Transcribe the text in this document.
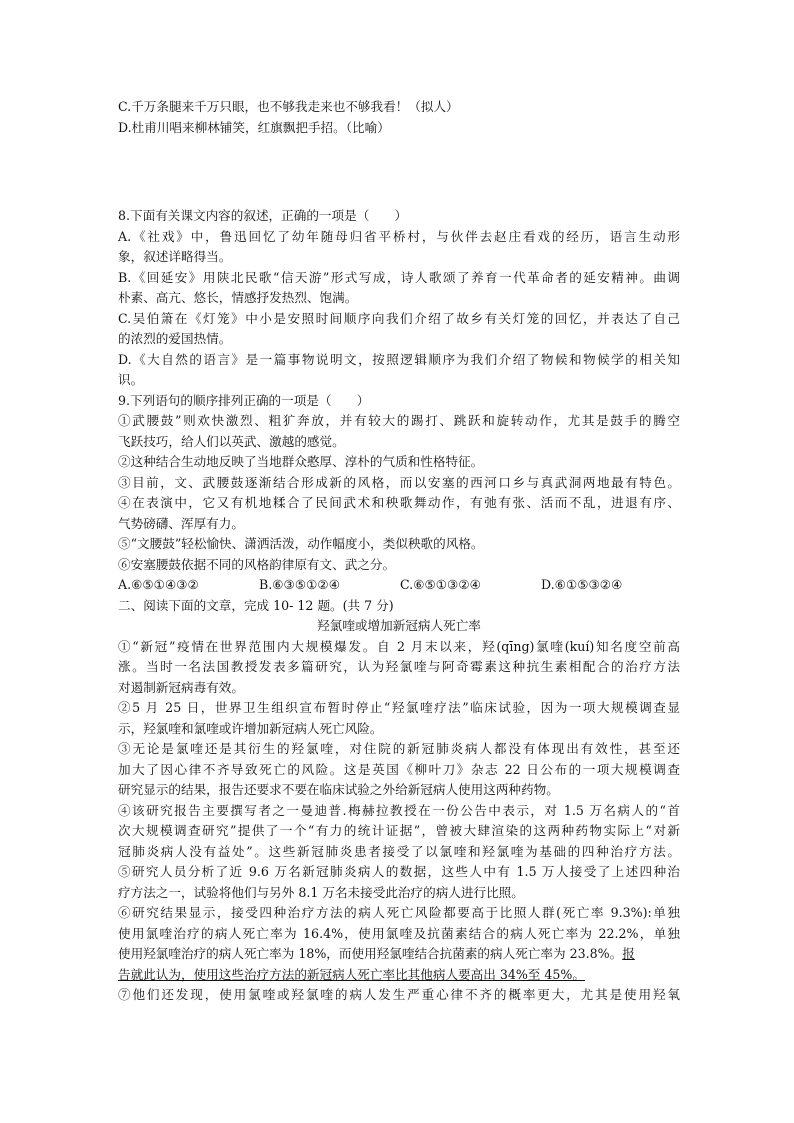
C.千万条腿来千万只眼，也不够我走来也不够我看！（拟人）

D.杜甫川唱来柳林铺笑，红旗飘把手招。（比喻）

8.下面有关课文内容的叙述，正确的一项是（　　）

A.《社戏》中，鲁迅回忆了幼年随母归省平桥村，与伙伴去赵庄看戏的经历，语言生动形

象，叙述详略得当。

B.《回延安》用陕北民歌“信天游”形式写成，诗人歌颂了养育一代革命者的延安精神。曲调

朴素、高亢、悠长，情感抒发热烈、饱满。

C.吴伯箫在《灯笼》中小是安照时间顺序向我们介绍了故乡有关灯笼的回忆，并表达了自己

的浓烈的爱国热情。

D.《大自然的语言》是一篇事物说明文，按照逻辑顺序为我们介绍了物候和物候学的相关知

识。

9.下列语句的顺序排列正确的一项是（　　）

①武腰鼓”则欢快激烈、粗犷奔放，并有较大的踢打、跳跃和旋转动作，尤其是鼓手的腾空

飞跃技巧，给人们以英武、激越的感觉。

②这种结合生动地反映了当地群众憨厚、淳朴的气质和性格特征。

③目前，文、武腰鼓逐渐结合形成新的风格，而以安塞的西河口乡与真武洞两地最有特色。

④在表演中，它又有机地糅合了民间武术和秧歌舞动作，有弛有张、活而不乱，进退有序、

气势磅礴、浑厚有力。

⑤“文腰鼓”轻松愉快、潇洒活泼，动作幅度小，类似秧歌的风格。

⑥安塞腰鼓依据不同的风格韵律原有文、武之分。

A.⑥⑤①④③②	B.⑥③⑤①②④	C.⑥⑤①③②④	D.⑥①⑤③②④

二、阅读下面的文章，完成 10- 12 题。(共 7 分)

羟氯喹或增加新冠病人死亡率

①“新冠”疫情在世界范围内大规模爆发。自 2 月末以来，羟(qīng)氯喹(kuí)知名度空前高

涨。当时一名法国教授发表多篇研究，认为羟氯喹与阿奇霉素这种抗生素相配合的治疗方法

对遏制新冠病毒有效。

②5 月 25 日，世界卫生组织宣布暂时停止“羟氯喹疗法”临床试验，因为一项大规模调查显

示，羟氯喹和氯喹或许增加新冠病人死亡风险。

③无论是氯喹还是其衍生的羟氯喹，对住院的新冠肺炎病人都没有体现出有效性，甚至还

加大了因心律不齐导致死亡的风险。这是英国《柳叶刀》杂志 22 日公布的一项大规模调查

研究显示的结果，报告还要求不要在临床试验之外给新冠病人使用这两种药物。

④该研究报告主要撰写者之一曼迪普.梅赫拉教授在一份公告中表示，对 1.5 万名病人的“首

次大规模调查研究”提供了一个“有力的统计证据”，曾被大肆渲染的这两种药物实际上“对新

冠肺炎病人没有益处”。这些新冠肺炎患者接受了以氯喹和羟氯喹为基础的四种治疗方法。

⑤研究人员分析了近 9.6 万名新冠肺炎病人的数据，这些人中有 1.5 万人接受了上述四种治

疗方法之一，试验将他们与另外 8.1 万名未接受此治疗的病人进行比照。

⑥研究结果显示，接受四种治疗方法的病人死亡风险都要高于比照人群(死亡率 9.3%):单独

使用氯喹治疗的病人死亡率为 16.4%，使用氯喹及抗菌素结合的病人死亡率为 22.2%，单独

使用羟氯喹治疗的病人死亡率为 18%，而使用羟氯喹结合抗菌素的病人死亡率为 23.8%。报

告就此认为，使用这些治疗方法的新冠病人死亡率比其他病人要高出 34%至 45%。

⑦他们还发现，使用氯喹或羟氯喹的病人发生严重心律不齐的概率更大，尤其是使用羟氧
